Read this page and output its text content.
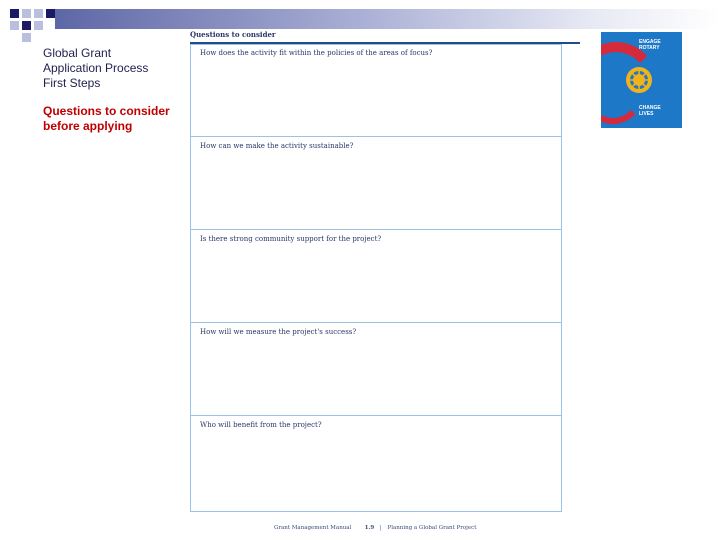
Global Grant
Application Process
First Steps
Questions to consider
before applying
Questions to consider
How does the activity fit within the policies of the areas of focus?
How can we make the activity sustainable?
Is there strong community support for the project?
How will we measure the project's success?
Who will benefit from the project?
Grant Management Manual 1.9 | Planning a Global Grant Project
ENGAGE
ROTARY
CHANGE
LIVES
